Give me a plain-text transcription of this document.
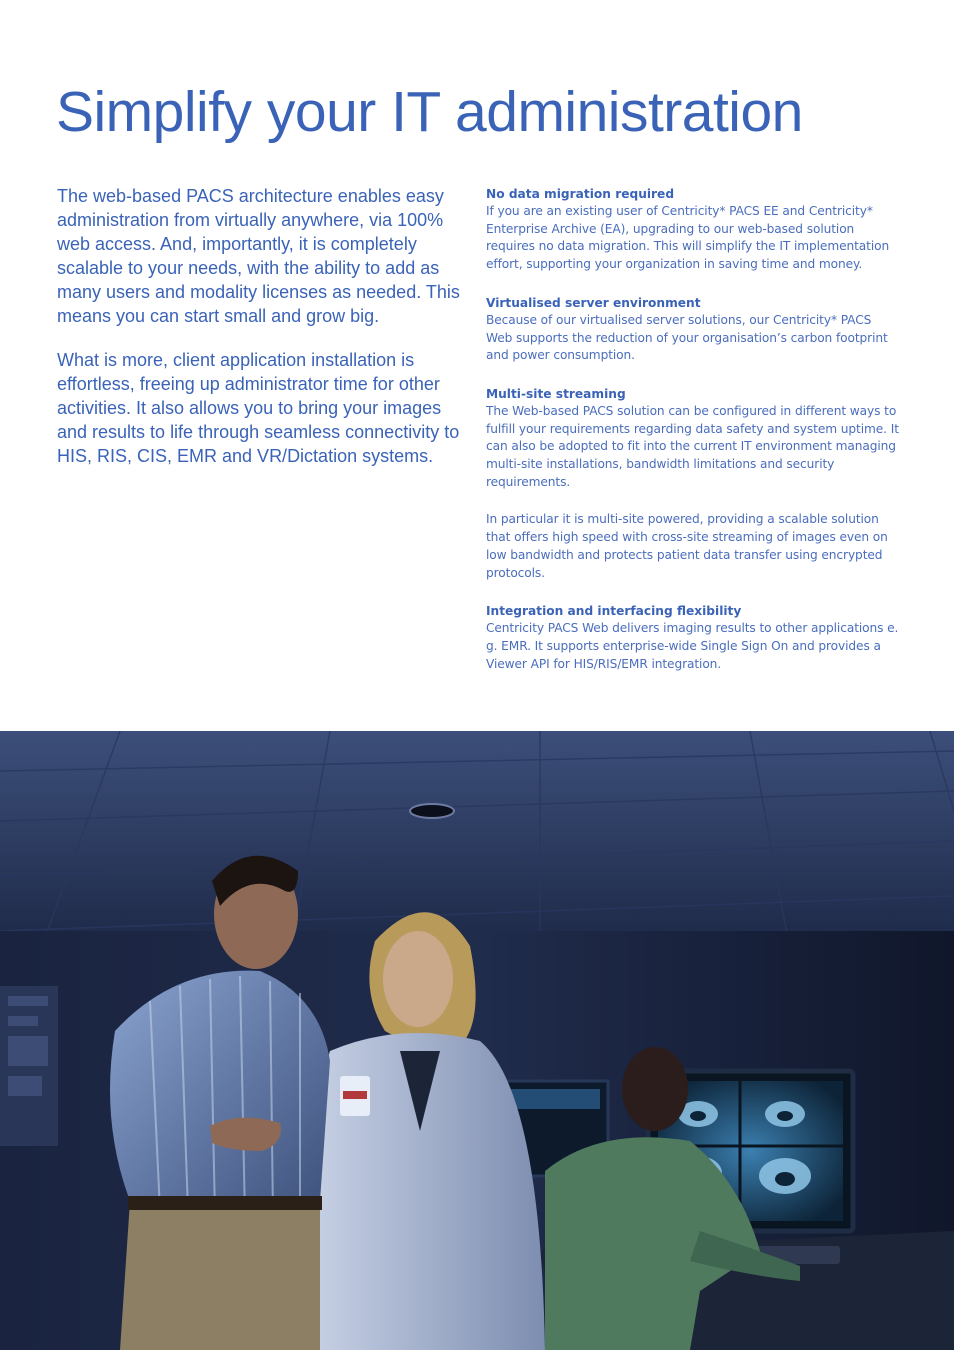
Simplify your IT administration

The web-based PACS architecture enables easy administration from virtually anywhere, via 100% web access. And, importantly, it is completely scalable to your needs, with the ability to add as many users and modality licenses as needed. This means you can start small and grow big.

What is more, client application installation is effortless, freeing up administrator time for other activities. It also allows you to bring your images and results to life through seamless connectivity to HIS, RIS, CIS, EMR and VR/Dictation systems.

No data migration required

If you are an existing user of Centricity* PACS EE and Centricity* Enterprise Archive (EA), upgrading to our web-based solution requires no data migration. This will simplify the IT implementation effort, supporting your organization in saving time and money.

Virtualised server environment

Because of our virtualised server solutions, our Centricity* PACS Web supports the reduction of your organisation’s carbon footprint and power consumption.

Multi-site streaming

The Web-based PACS solution can be configured in different ways to fulfill your requirements regarding data safety and system uptime. It can also be adopted to fit into the current IT environment managing multi-site installations, bandwidth limitations and security requirements.

In particular it is multi-site powered, providing a scalable solution that offers high speed with cross-site streaming of images even on low bandwidth and protects patient data transfer using encrypted protocols.

Integration and interfacing flexibility

Centricity PACS Web delivers imaging results to other applications e. g. EMR. It supports enterprise-wide Single Sign On and provides a Viewer API for HIS/RIS/EMR integration.
